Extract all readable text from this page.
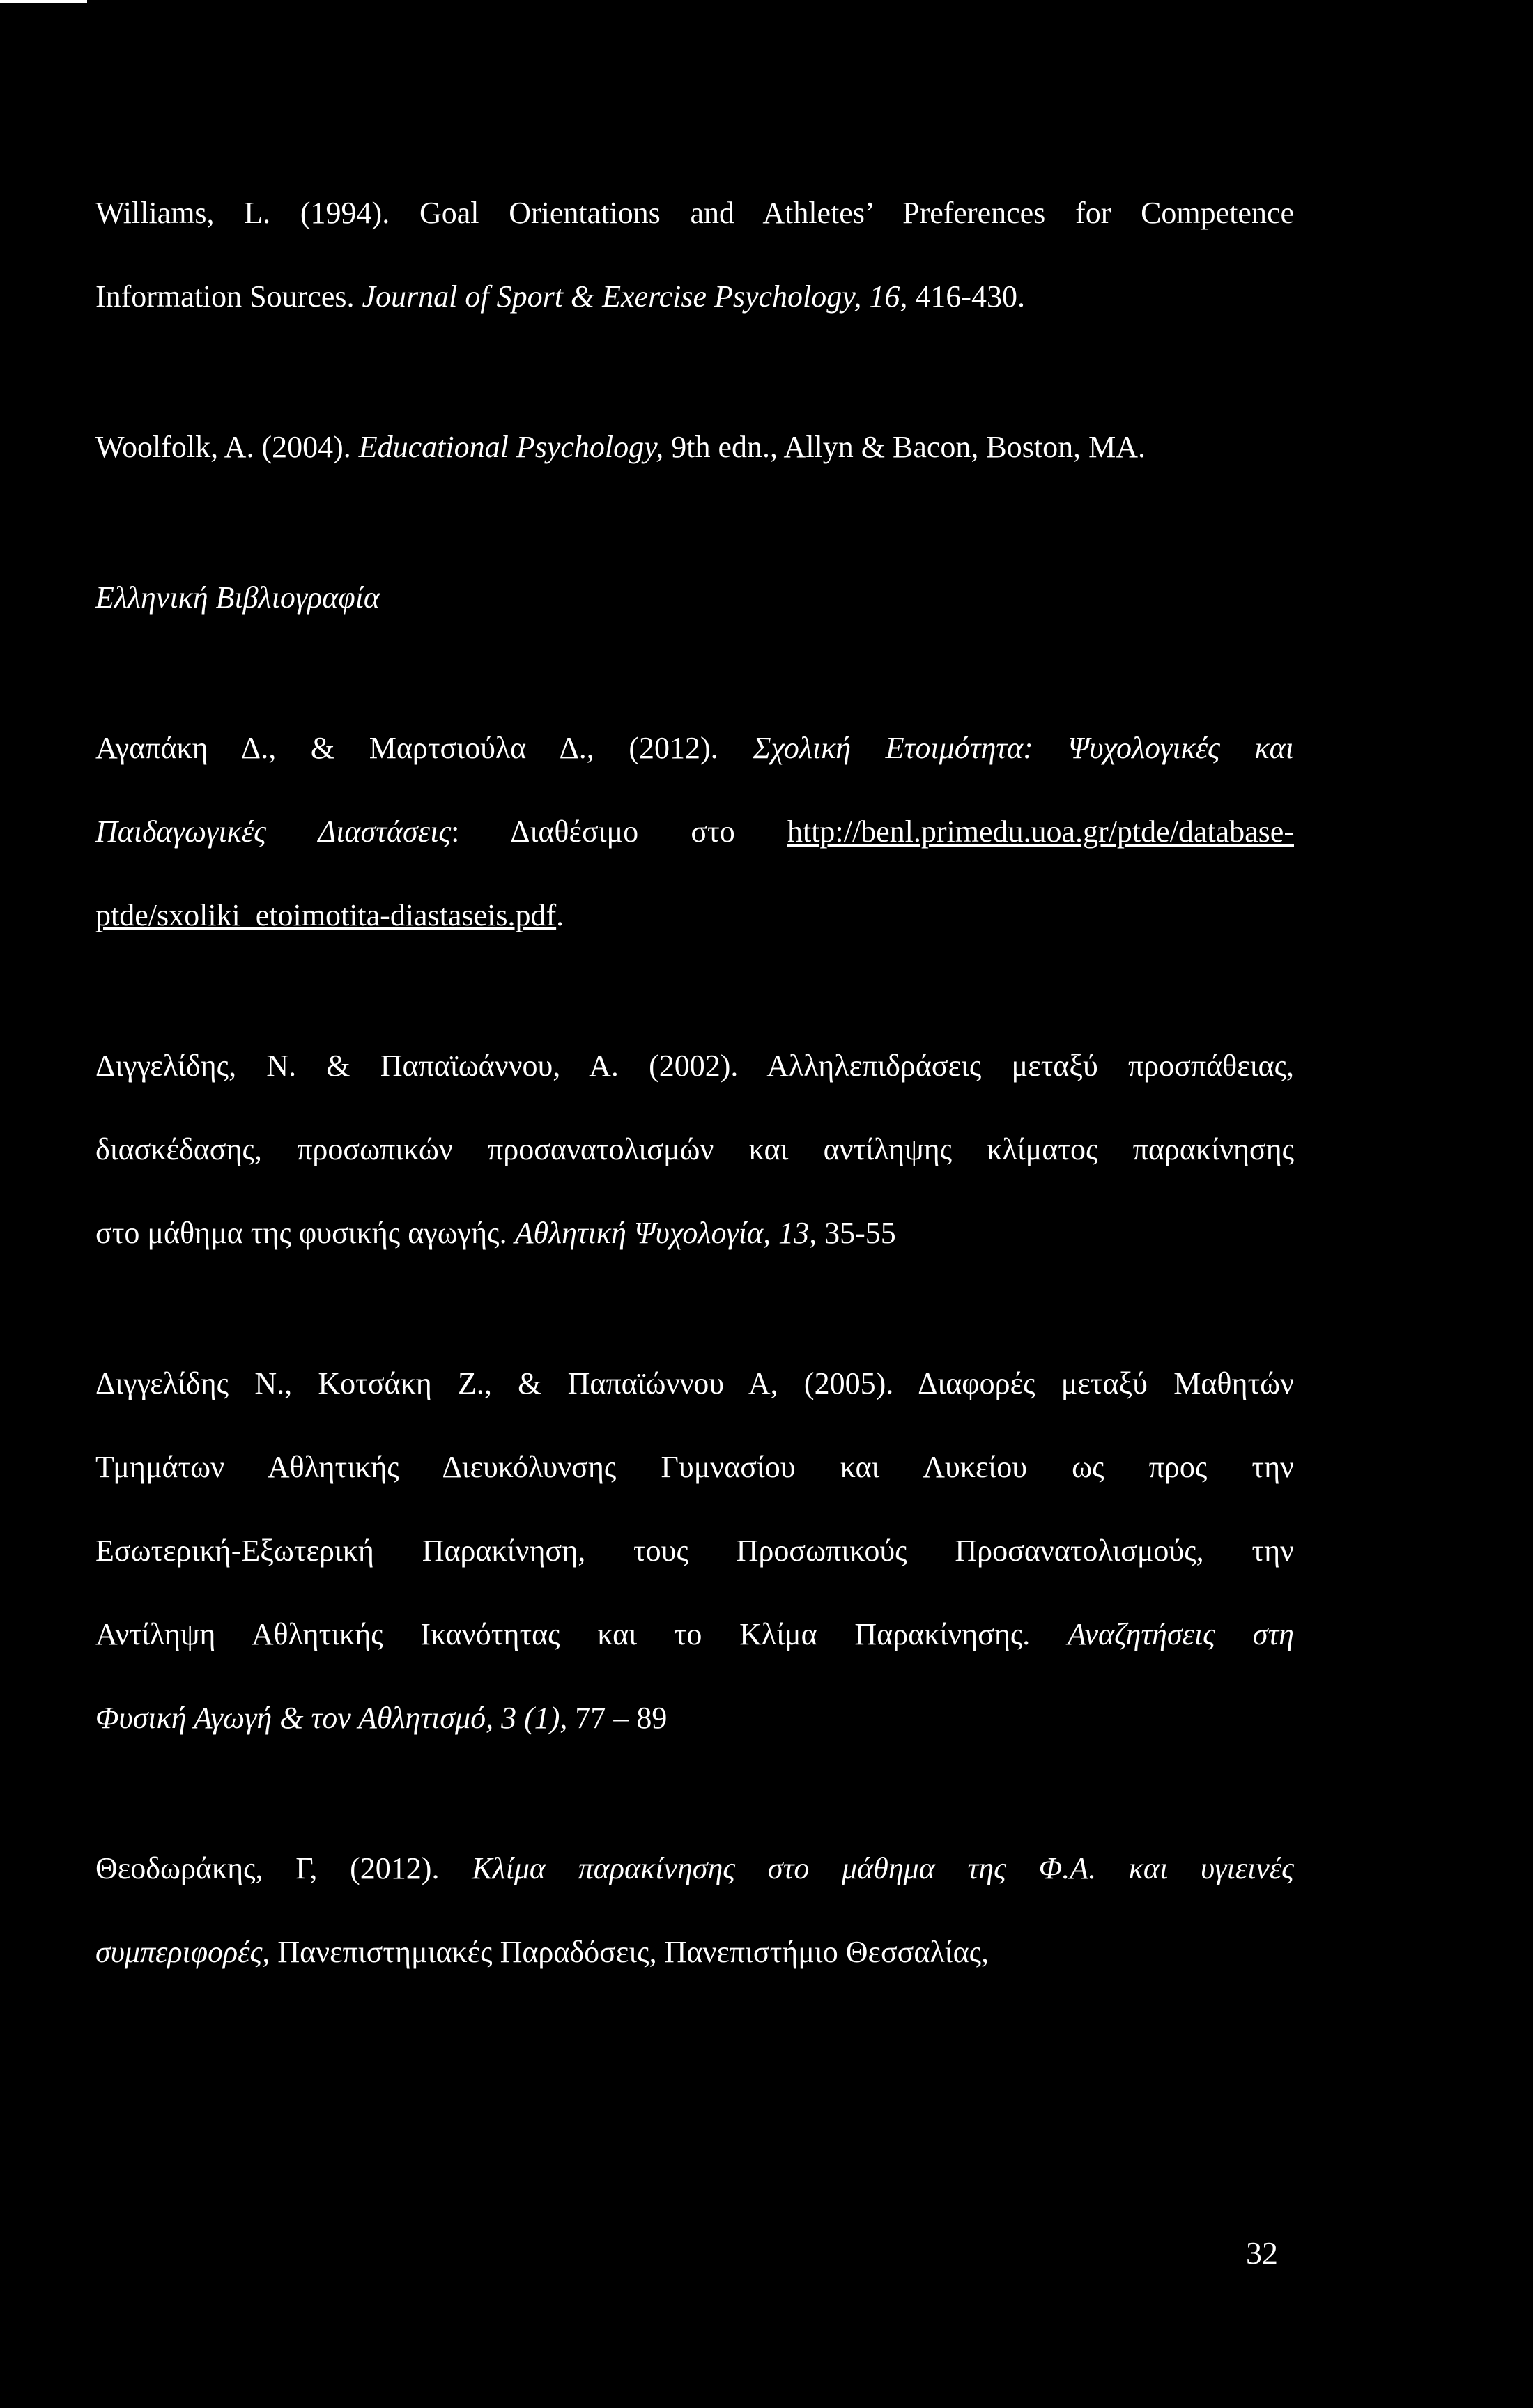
Williams, L. (1994). Goal Orientations and Athletes’ Preferences for Competence
Information Sources. Journal of Sport & Exercise Psychology, 16, 416-430.
Woolfolk, A. (2004). Educational Psychology, 9th edn., Allyn & Bacon, Boston, MA.
Ελληνική Βιβλιογραφία
Αγαπάκη Δ., & Μαρτσιούλα Δ., (2012). Σχολική Ετοιμότητα: Ψυχολογικές και
Παιδαγωγικές Διαστάσεις: Διαθέσιμο στο http://benl.primedu.uoa.gr/ptde/database-
ptde/sxoliki_etoimotita-diastaseis.pdf.
Διγγελίδης, Ν. & Παπαϊωάννου, Α. (2002). Αλληλεπιδράσεις μεταξύ προσπάθειας,
διασκέδασης, προσωπικών προσανατολισμών και αντίληψης κλίματος παρακίνησης
στο μάθημα της φυσικής αγωγής. Αθλητική Ψυχολογία, 13, 35-55
Διγγελίδης Ν., Κοτσάκη Ζ., & Παπαϊώννου Α, (2005). Διαφορές μεταξύ Μαθητών
Τμημάτων Αθλητικής Διευκόλυνσης Γυμνασίου και Λυκείου ως προς την
Εσωτερική-Εξωτερική Παρακίνηση, τους Προσωπικούς Προσανατολισμούς, την
Αντίληψη Αθλητικής Ικανότητας και το Κλίμα Παρακίνησης. Αναζητήσεις στη
Φυσική Αγωγή & τον Αθλητισμό, 3 (1), 77 – 89
Θεοδωράκης, Γ, (2012). Κλίμα παρακίνησης στο μάθημα της Φ.Α. και υγιεινές
συμπεριφορές, Πανεπιστημιακές Παραδόσεις, Πανεπιστήμιο Θεσσαλίας,
32
